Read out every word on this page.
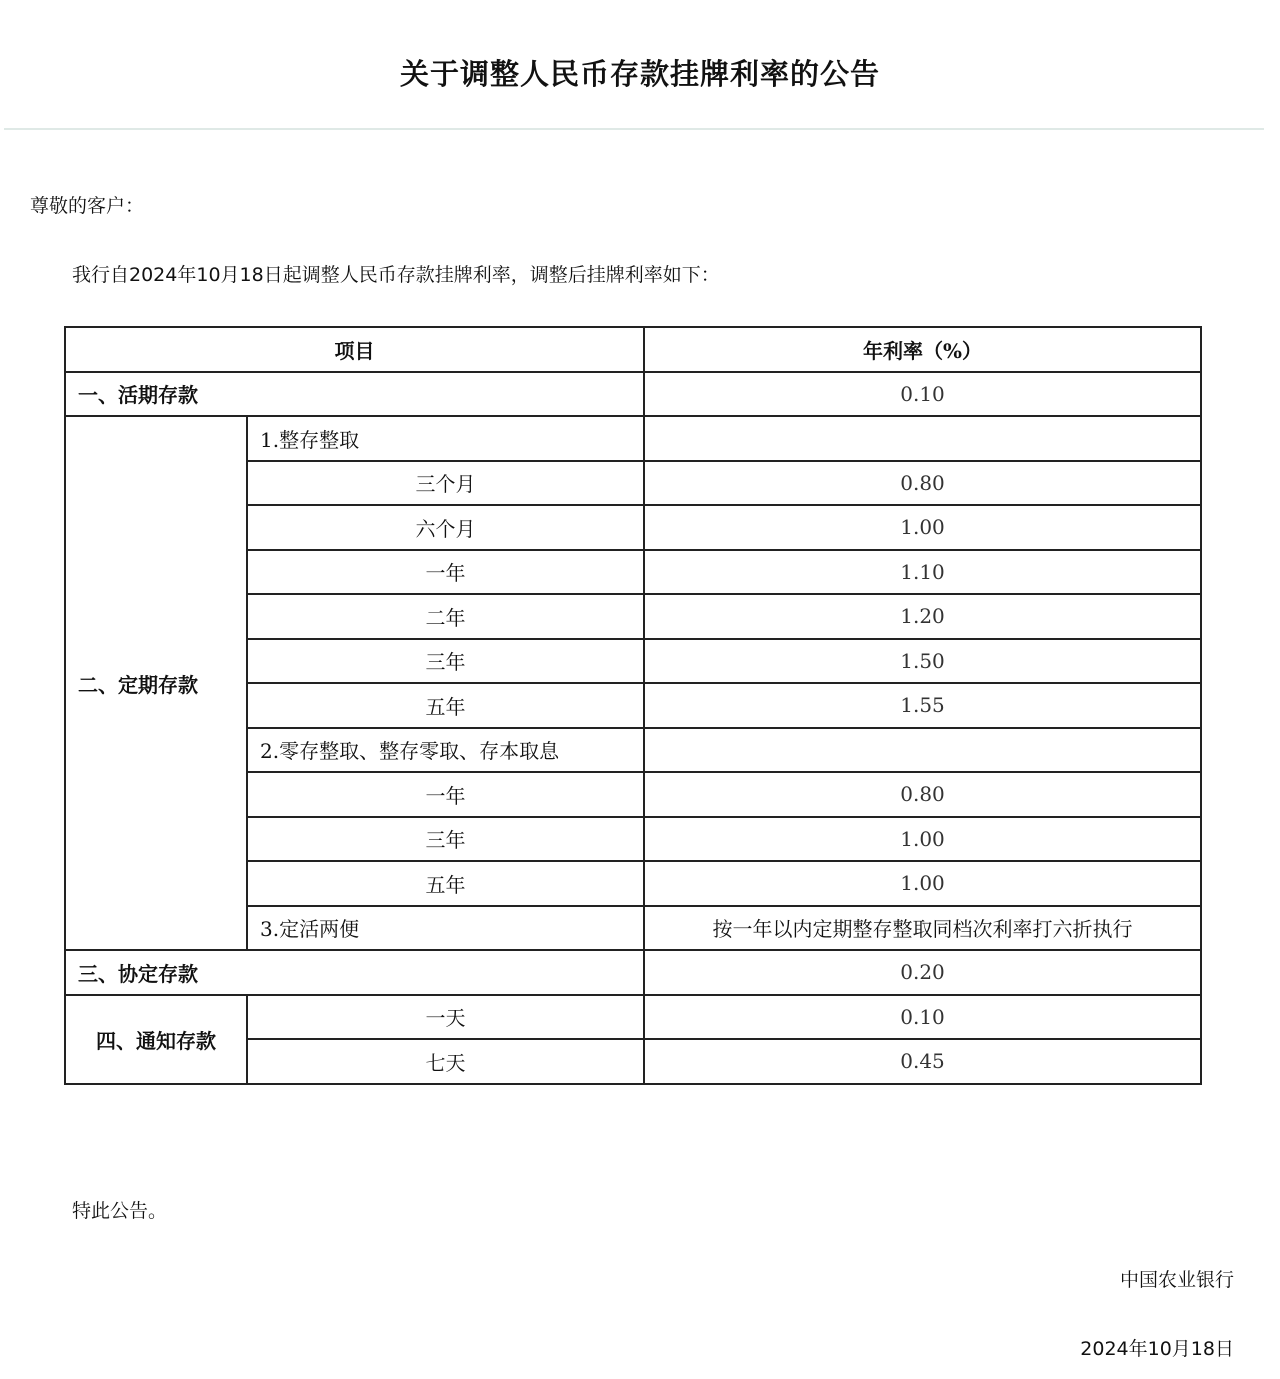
关于调整人民币存款挂牌利率的公告
尊敬的客户：
我行自2024年10月18日起调整人民币存款挂牌利率，调整后挂牌利率如下：
项目		年利率（%）
一、活期存款		0.10
二、定期存款	1.整存整取	
	三个月	0.80
	六个月	1.00
	一年	1.10
	二年	1.20
	三年	1.50
	五年	1.55
	2.零存整取、整存零取、存本取息	
	一年	0.80
	三年	1.00
	五年	1.00
	3.定活两便	按一年以内定期整存整取同档次利率打六折执行
三、协定存款		0.20
四、通知存款	一天	0.10
	七天	0.45
特此公告。
中国农业银行
2024年10月18日
